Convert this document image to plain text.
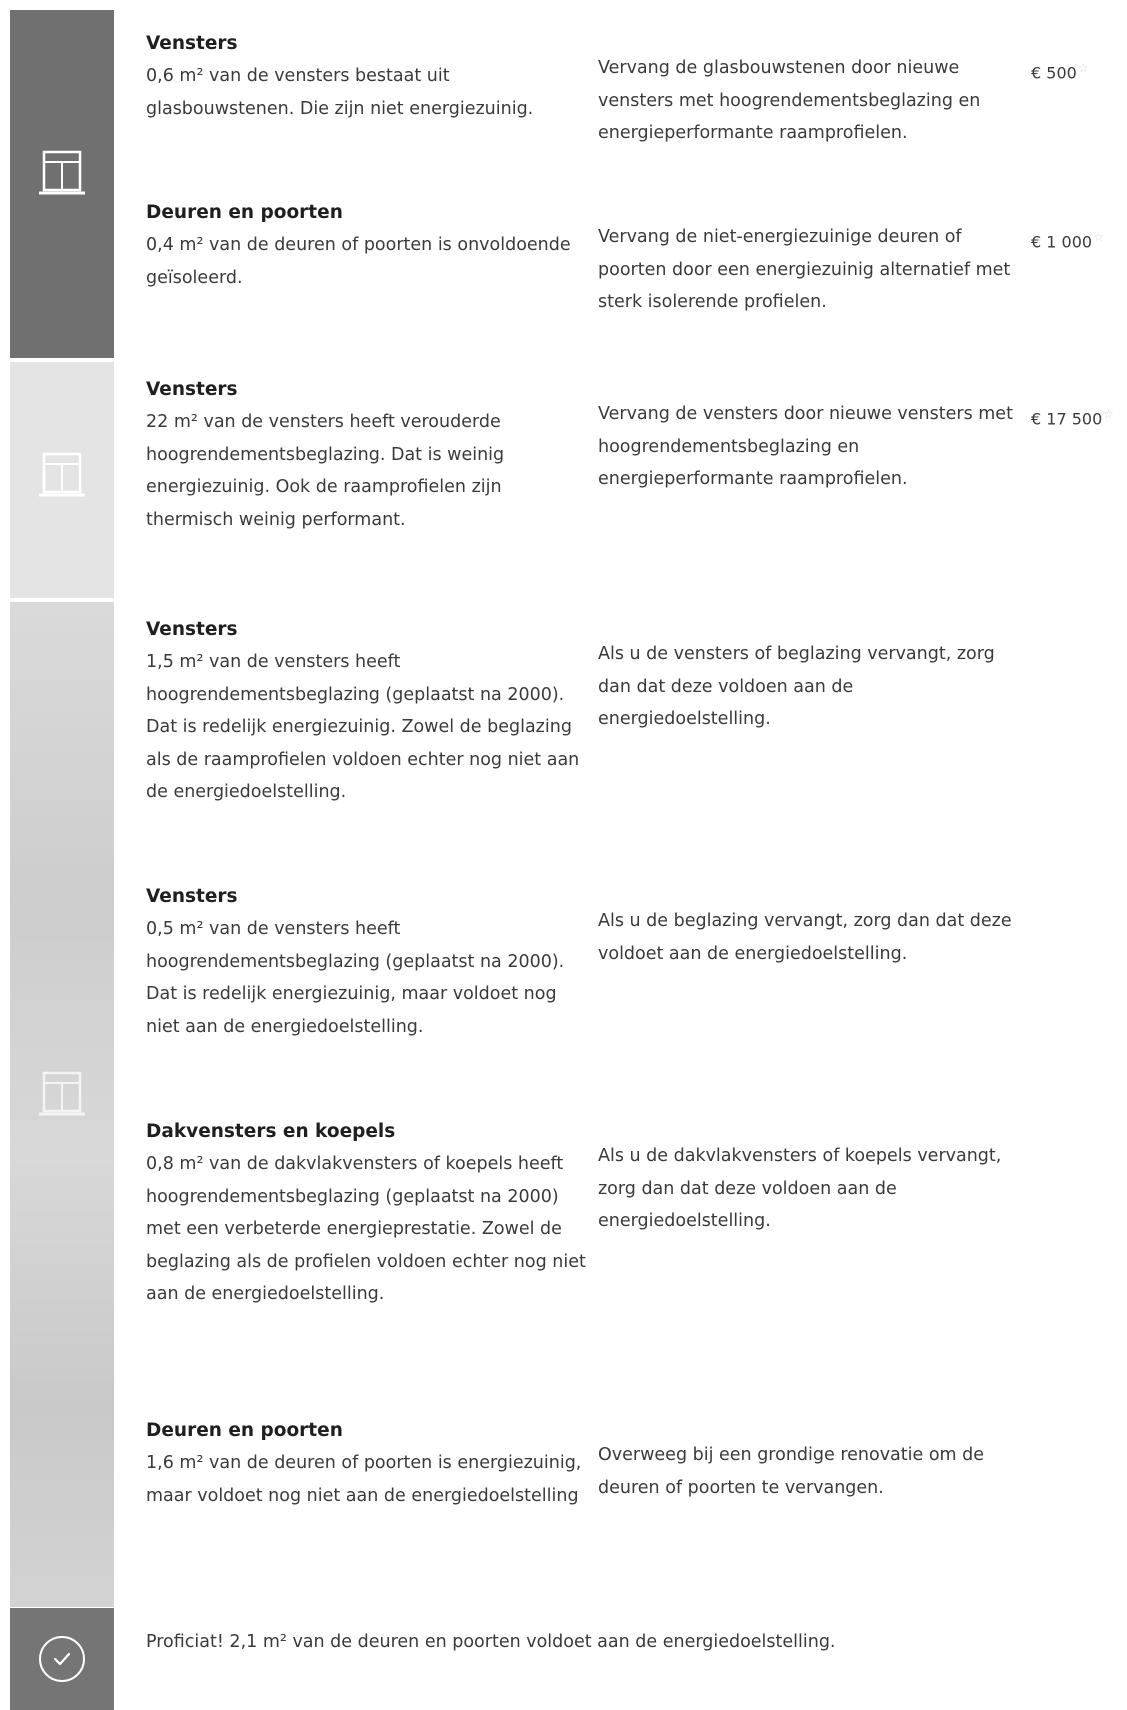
Vensters
0,6 m² van de vensters bestaat uit glasbouwstenen. Die zijn niet energiezuinig.
Vervang de glasbouwstenen door nieuwe vensters met hoogrendementsbeglazing en energieperformante raamprofielen.
€ 500☆
Deuren en poorten
0,4 m² van de deuren of poorten is onvoldoende geïsoleerd.
Vervang de niet-energiezuinige deuren of poorten door een energiezuinig alternatief met sterk isolerende profielen.
€ 1 000☆
Vensters
22 m² van de vensters heeft verouderde hoogrendementsbeglazing. Dat is weinig energiezuinig. Ook de raamprofielen zijn thermisch weinig performant.
Vervang de vensters door nieuwe vensters met hoogrendementsbeglazing en energieperformante raamprofielen.
€ 17 500☆
Vensters
1,5 m² van de vensters heeft hoogrendementsbeglazing (geplaatst na 2000). Dat is redelijk energiezuinig. Zowel de beglazing als de raamprofielen voldoen echter nog niet aan de energiedoelstelling.
Als u de vensters of beglazing vervangt, zorg dan dat deze voldoen aan de energiedoelstelling.
Vensters
0,5 m² van de vensters heeft hoogrendementsbeglazing (geplaatst na 2000). Dat is redelijk energiezuinig, maar voldoet nog niet aan de energiedoelstelling.
Als u de beglazing vervangt, zorg dan dat deze voldoet aan de energiedoelstelling.
Dakvensters en koepels
0,8 m² van de dakvlakvensters of koepels heeft hoogrendementsbeglazing (geplaatst na 2000) met een verbeterde energieprestatie. Zowel de beglazing als de profielen voldoen echter nog niet aan de energiedoelstelling.
Als u de dakvlakvensters of koepels vervangt, zorg dan dat deze voldoen aan de energiedoelstelling.
Deuren en poorten
1,6 m² van de deuren of poorten is energiezuinig, maar voldoet nog niet aan de energiedoelstelling
Overweeg bij een grondige renovatie om de deuren of poorten te vervangen.
Proficiat! 2,1 m² van de deuren en poorten voldoet aan de energiedoelstelling.
